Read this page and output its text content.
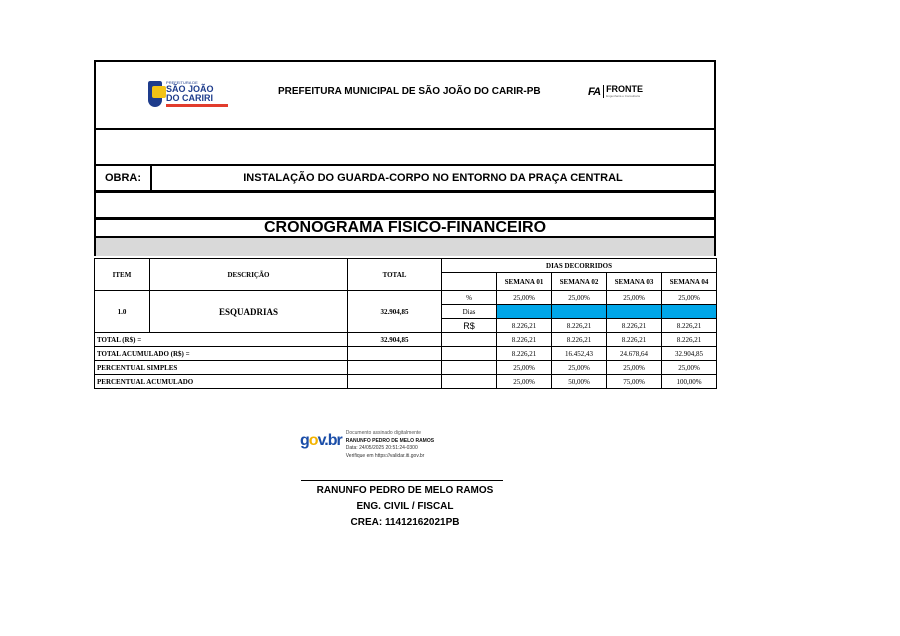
PREFEITURA DE
SÃO JOÃO DO CARIRI
PREFEITURA MUNICIPAL DE SÃO JOÃO DO CARIR-PB	FA FRONTE
Engenharia e Consultoria
OBRA:	INSTALAÇÃO DO GUARDA-CORPO NO ENTORNO DA PRAÇA CENTRAL
CRONOGRAMA FÍSICO-FINANCEIRO
ITEM	DESCRIÇÃO	TOTAL	DIAS DECORRIDOS				
				SEMANA 01	SEMANA 02	SEMANA 03	SEMANA 04
1.0	ESQUADRIAS	32.904,85	%	25,00%	25,00%	25,00%	25,00%
			Dias				
			R$	8.226,21	8.226,21	8.226,21	8.226,21
TOTAL (R$) =		32.904,85		8.226,21	8.226,21	8.226,21	8.226,21
TOTAL ACUMULADO (R$) =				8.226,21	16.452,43	24.678,64	32.904,85
PERCENTUAL SIMPLES				25,00%	25,00%	25,00%	25,00%
PERCENTUAL ACUMULADO				25,00%	50,00%	75,00%	100,00%
gov.br Documento assinado digitalmente
RANUNFO PEDRO DE MELO RAMOS
Data: 24/05/2025 20:51:24-0300
Verifique em https://validar.iti.gov.br
RANUNFO PEDRO DE MELO RAMOS
ENG. CIVIL / FISCAL
CREA: 11412162021PB
